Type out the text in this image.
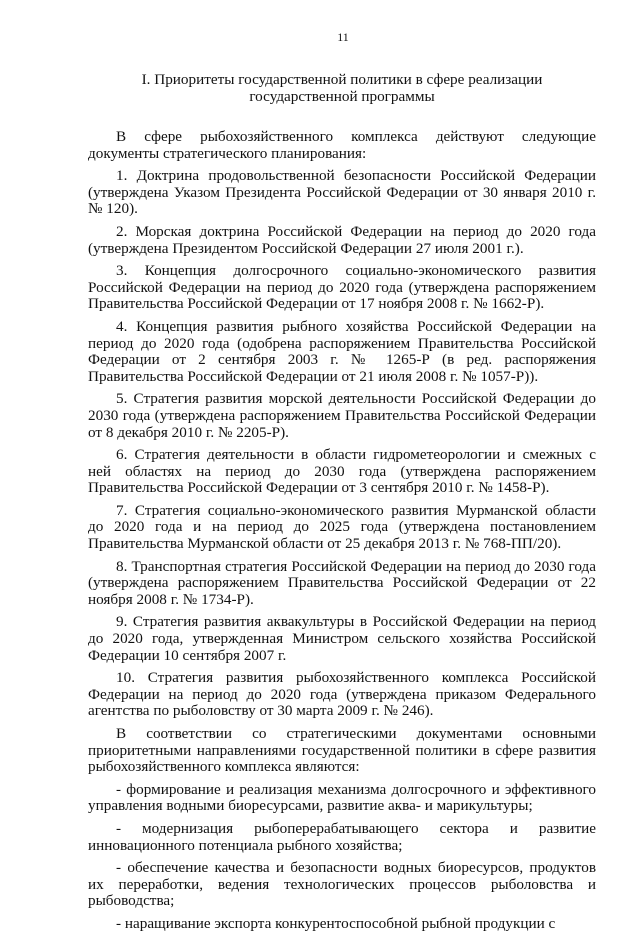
11
I. Приоритеты государственной политики в сфере реализации государственной программы

В сфере рыбохозяйственного комплекса действуют следующие документы стратегического планирования:

1. Доктрина продовольственной безопасности Российской Федерации (утверждена Указом Президента Российской Федерации от 30 января 2010 г. № 120).

2. Морская доктрина Российской Федерации на период до 2020 года (утверждена Президентом Российской Федерации 27 июля 2001 г.).

3. Концепция долгосрочного социально-экономического развития Российской Федерации на период до 2020 года (утверждена распоряжением Правительства Российской Федерации от 17 ноября 2008 г. № 1662-Р).

4. Концепция развития рыбного хозяйства Российской Федерации на период до 2020 года (одобрена распоряжением Правительства Российской Федерации от 2 сентября 2003 г. № 1265-Р (в ред. распоряжения Правительства Российской Федерации от 21 июля 2008 г. № 1057-Р)).

5. Стратегия развития морской деятельности Российской Федерации до 2030 года (утверждена распоряжением Правительства Российской Федерации от 8 декабря 2010 г. № 2205-Р).

6. Стратегия деятельности в области гидрометеорологии и смежных с ней областях на период до 2030 года (утверждена распоряжением Правительства Российской Федерации от 3 сентября 2010 г. № 1458-Р).

7. Стратегия социально-экономического развития Мурманской области до 2020 года и на период до 2025 года (утверждена постановлением Правительства Мурманской области от 25 декабря 2013 г. № 768-ПП/20).

8. Транспортная стратегия Российской Федерации на период до 2030 года (утверждена распоряжением Правительства Российской Федерации от 22 ноября 2008 г. № 1734-Р).

9. Стратегия развития аквакультуры в Российской Федерации на период до 2020 года, утвержденная Министром сельского хозяйства Российской Федерации 10 сентября 2007 г.

10. Стратегия развития рыбохозяйственного комплекса Российской Федерации на период до 2020 года (утверждена приказом Федерального агентства по рыболовству от 30 марта 2009 г. № 246).

В соответствии со стратегическими документами основными приоритетными направлениями государственной политики в сфере развития рыбохозяйственного комплекса являются:

- формирование и реализация механизма долгосрочного и эффективного управления водными биоресурсами, развитие аква- и марикультуры;

- модернизация рыбоперерабатывающего сектора и развитие инновационного потенциала рыбного хозяйства;

- обеспечение качества и безопасности водных биоресурсов, продуктов их переработки, ведения технологических процессов рыболовства и рыбоводства;

- наращивание экспорта конкурентоспособной рыбной продукции с
